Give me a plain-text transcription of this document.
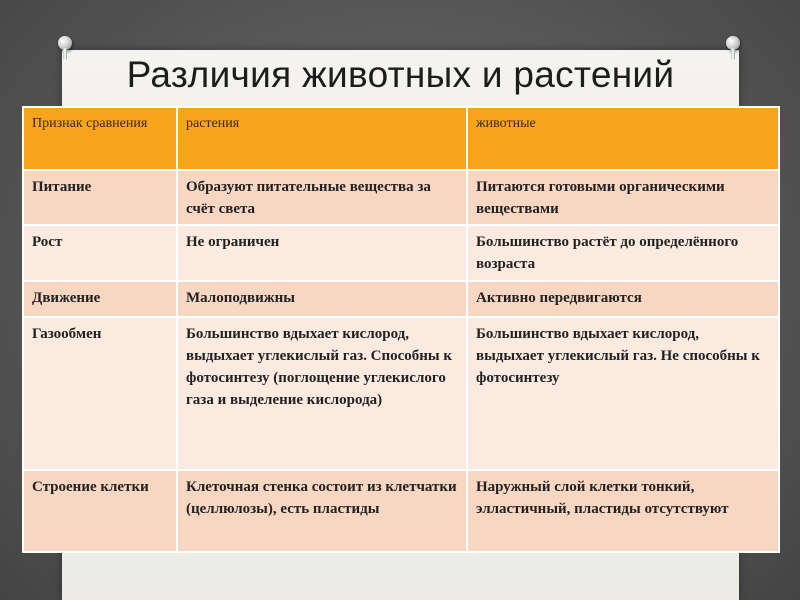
Различия животных и растений
Признак сравнения	растения	животные
Питание	Образуют питательные вещества за счёт света	Питаются готовыми органическими веществами
Рост	Не ограничен	Большинство растёт до определённого возраста
Движение	Малоподвижны	Активно передвигаются
Газообмен	Большинство вдыхает кислород, выдыхает углекислый газ. Способны к фотосинтезу (поглощение углекислого газа и выделение кислорода)	Большинство вдыхает кислород, выдыхает углекислый газ. Не способны к фотосинтезу
Строение клетки	Клеточная стенка состоит из клетчатки (целлюлозы), есть пластиды	Наружный слой клетки тонкий, элластичный, пластиды отсутствуют
